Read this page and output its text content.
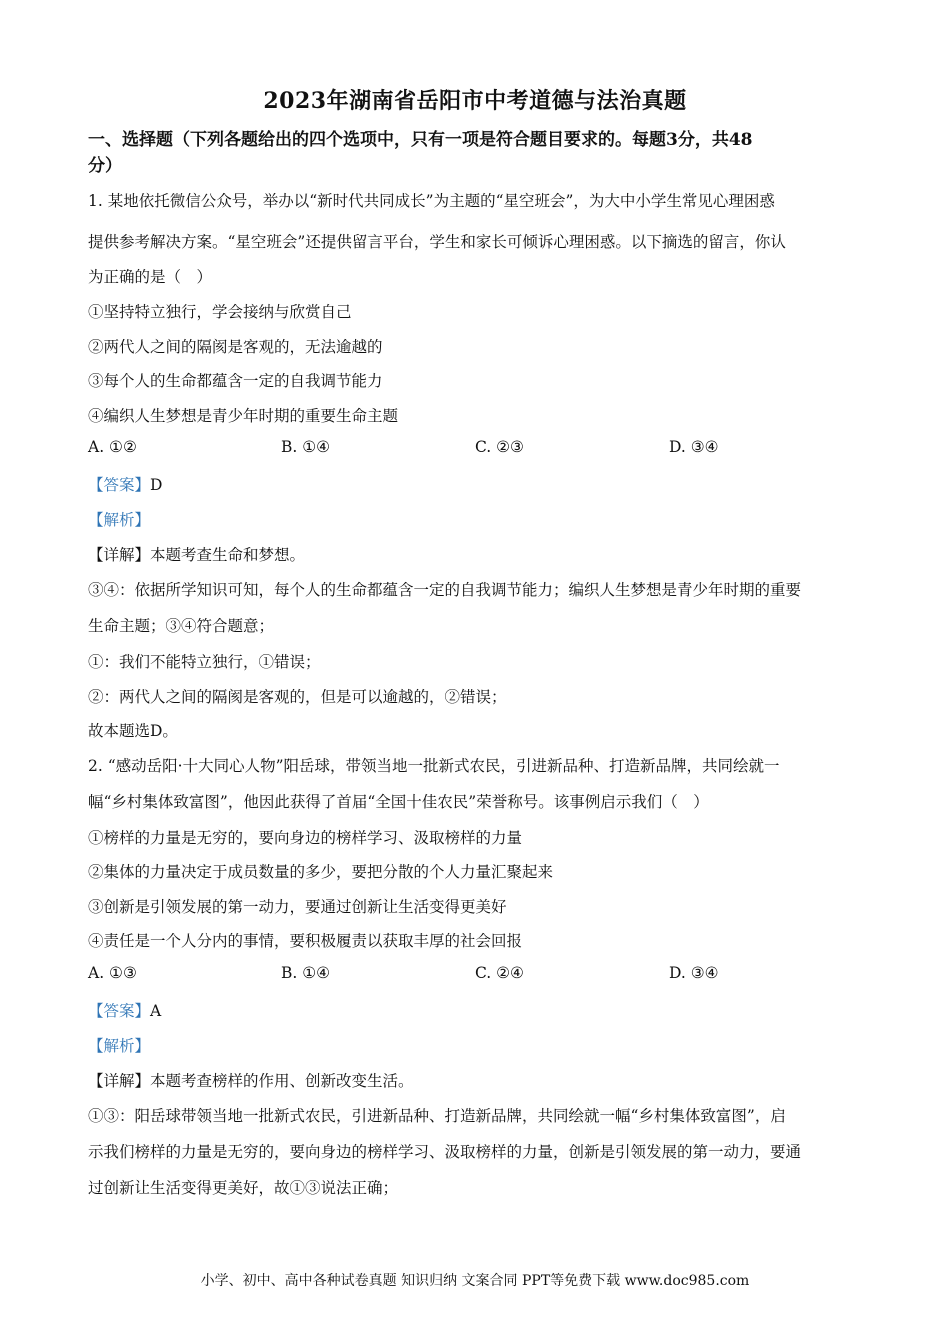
2023年湖南省岳阳市中考道德与法治真题
一、选择题（下列各题给出的四个选项中，只有一项是符合题目要求的。每题3分，共48
分）
1. 某地依托微信公众号，举办以“新时代共同成长”为主题的“星空班会”，为大中小学生常见心理困惑
提供参考解决方案。“星空班会”还提供留言平台，学生和家长可倾诉心理困惑。以下摘选的留言，你认
为正确的是（　）
①坚持特立独行，学会接纳与欣赏自己
②两代人之间的隔阂是客观的，无法逾越的
③每个人的生命都蕴含一定的自我调节能力
④编织人生梦想是青少年时期的重要生命主题
A. ①②	B. ①④	C. ②③	D. ③④
【答案】D
【解析】
【详解】本题考查生命和梦想。
③④：依据所学知识可知，每个人的生命都蕴含一定的自我调节能力；编织人生梦想是青少年时期的重要
生命主题；③④符合题意；
①：我们不能特立独行，①错误；
②：两代人之间的隔阂是客观的，但是可以逾越的，②错误；
故本题选D。
2. “感动岳阳·十大同心人物”阳岳球，带领当地一批新式农民，引进新品种、打造新品牌，共同绘就一
幅“乡村集体致富图”，他因此获得了首届“全国十佳农民”荣誉称号。该事例启示我们（　）
①榜样的力量是无穷的，要向身边的榜样学习、汲取榜样的力量
②集体的力量决定于成员数量的多少，要把分散的个人力量汇聚起来
③创新是引领发展的第一动力，要通过创新让生活变得更美好
④责任是一个人分内的事情，要积极履责以获取丰厚的社会回报
A. ①③	B. ①④	C. ②④	D. ③④
【答案】A
【解析】
【详解】本题考查榜样的作用、创新改变生活。
①③：阳岳球带领当地一批新式农民，引进新品种、打造新品牌，共同绘就一幅“乡村集体致富图”，启
示我们榜样的力量是无穷的，要向身边的榜样学习、汲取榜样的力量，创新是引领发展的第一动力，要通
过创新让生活变得更美好，故①③说法正确；
小学、初中、高中各种试卷真题 知识归纳 文案合同 PPT等免费下载 www.doc985.com
